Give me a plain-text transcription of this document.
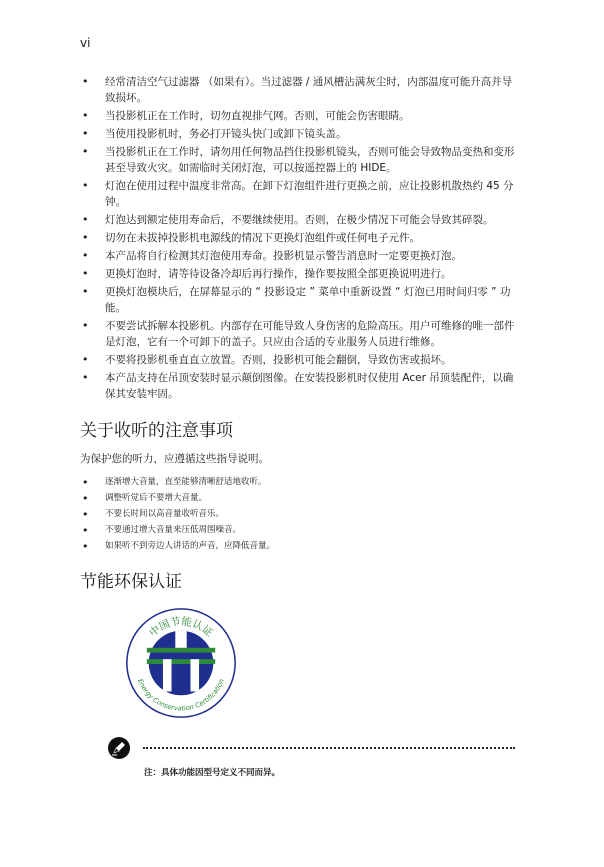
vi
• 经常清洁空气过滤器 （如果有）。当过滤器 / 通风槽沾满灰尘时，内部温度可能升高并导致损坏。
• 当投影机正在工作时，切勿直视排气网。否则，可能会伤害眼睛。
• 当使用投影机时，务必打开镜头快门或卸下镜头盖。
• 当投影机正在工作时，请勿用任何物品挡住投影机镜头，否则可能会导致物品变热和变形甚至导致火灾。如需临时关闭灯泡，可以按遥控器上的 HIDE。
• 灯泡在使用过程中温度非常高。在卸下灯泡组件进行更换之前，应让投影机散热约 45 分钟。
• 灯泡达到额定使用寿命后，不要继续使用。否则，在极少情况下可能会导致其碎裂。
• 切勿在未拔掉投影机电源线的情况下更换灯泡组件或任何电子元件。
• 本产品将自行检测其灯泡使用寿命。投影机显示警告消息时一定要更换灯泡。
• 更换灯泡时，请等待设备冷却后再行操作，操作要按照全部更换说明进行。
• 更换灯泡模块后，在屏幕显示的 “ 投影设定 ” 菜单中重新设置 “ 灯泡已用时间归零 ” 功能。
• 不要尝试拆解本投影机。内部存在可能导致人身伤害的危险高压。用户可维修的唯一部件是灯泡，它有一个可卸下的盖子。只应由合适的专业服务人员进行维修。
• 不要将投影机垂直直立放置。否则，投影机可能会翻倒，导致伤害或损坏。
• 本产品支持在吊顶安装时显示颠倒图像。在安装投影机时仅使用 Acer 吊顶装配件，以确保其安装牢固。
关于收听的注意事项

为保护您的听力，应遵循这些指导说明。

• 逐渐增大音量，直至能够清晰舒适地收听。
• 调整听觉后不要增大音量。
• 不要长时间以高音量收听音乐。
• 不要通过增大音量来压低周围噪音。
• 如果听不到旁边人讲话的声音，应降低音量。
节能环保认证
中国节能认证
Energy Conservation Certification
注：具体功能因型号定义不同而异。
